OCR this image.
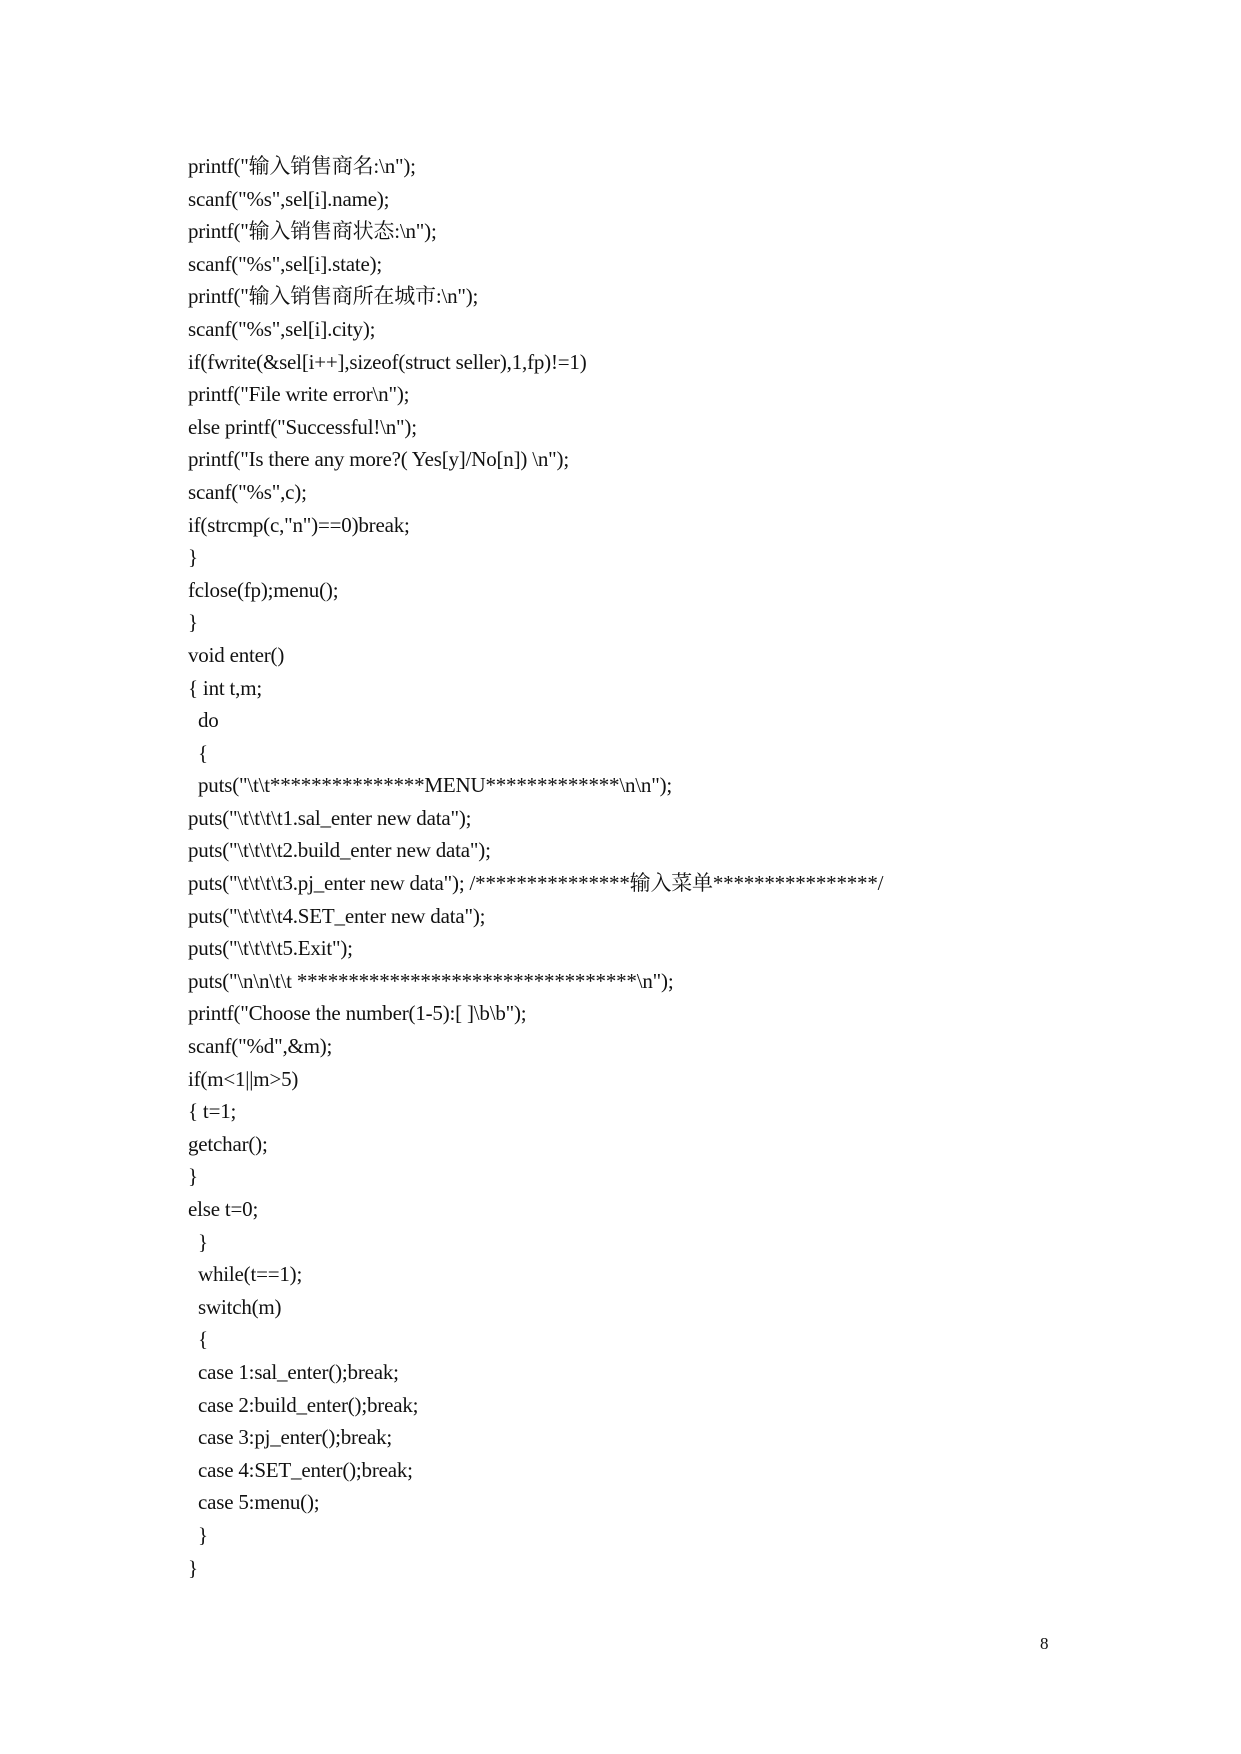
printf("输入销售商名:\n");
scanf("%s",sel[i].name);
printf("输入销售商状态:\n");
scanf("%s",sel[i].state);
printf("输入销售商所在城市:\n");
scanf("%s",sel[i].city);
if(fwrite(&sel[i++],sizeof(struct seller),1,fp)!=1)
printf("File write error\n");
else printf("Successful!\n");
printf("Is there any more?( Yes[y]/No[n]) \n");
scanf("%s",c);
if(strcmp(c,"n")==0)break;
}
fclose(fp);menu();
}
void enter()
{ int t,m;
do
{
puts("\t\t***************MENU*************\n\n");
puts("\t\t\t\t1.sal_enter new data");
puts("\t\t\t\t2.build_enter new data");
puts("\t\t\t\t3.pj_enter new data"); /***************输入菜单****************/
puts("\t\t\t\t4.SET_enter new data");
puts("\t\t\t\t5.Exit");
puts("\n\n\t\t *********************************\n");
printf("Choose the number(1-5):[ ]\b\b");
scanf("%d",&m);
if(m<1||m>5)
{ t=1;
getchar();
}
else t=0;
}
while(t==1);
switch(m)
{
case 1:sal_enter();break;
case 2:build_enter();break;
case 3:pj_enter();break;
case 4:SET_enter();break;
case 5:menu();
}
}
8
